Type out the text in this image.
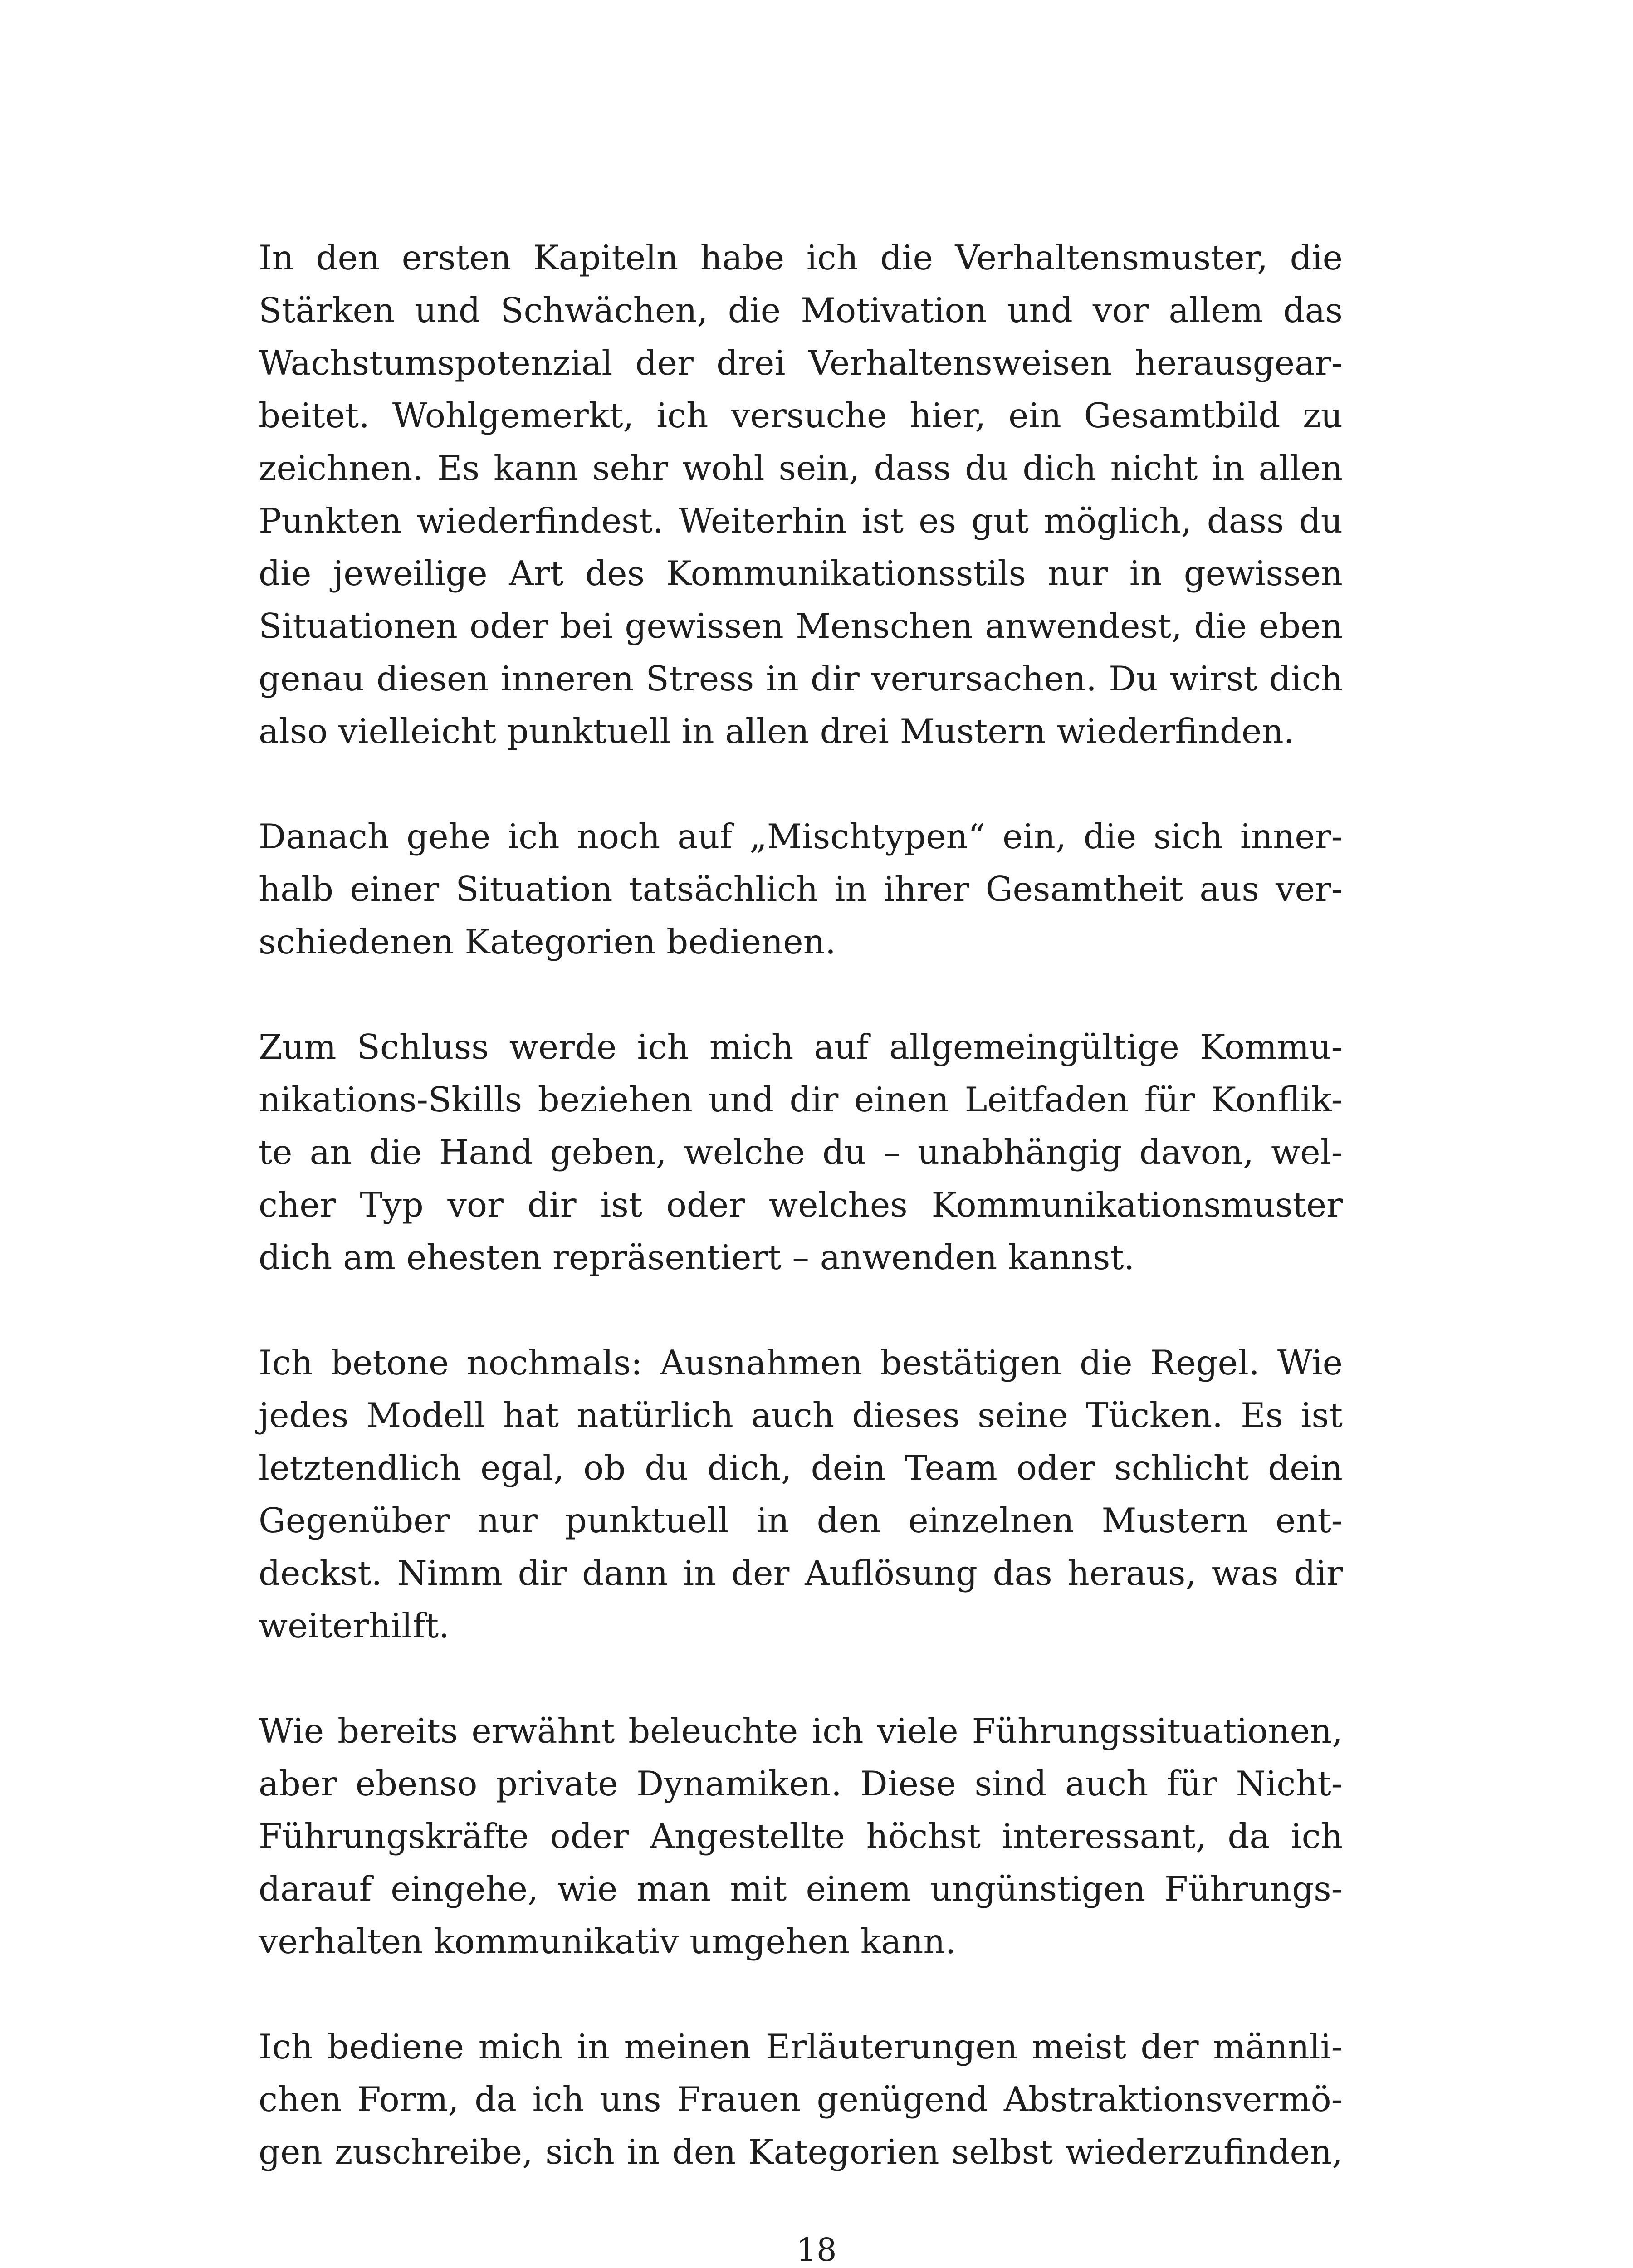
In den ersten Kapiteln habe ich die Verhaltensmuster, die
Stärken und Schwächen, die Motivation und vor allem das
Wachstumspotenzial der drei Verhaltensweisen herausgear-
beitet. Wohlgemerkt, ich versuche hier, ein Gesamtbild zu
zeichnen. Es kann sehr wohl sein, dass du dich nicht in allen
Punkten wiederfindest. Weiterhin ist es gut möglich, dass du
die jeweilige Art des Kommunikationsstils nur in gewissen
Situationen oder bei gewissen Menschen anwendest, die eben
genau diesen inneren Stress in dir verursachen. Du wirst dich
also vielleicht punktuell in allen drei Mustern wiederfinden.
Danach gehe ich noch auf „Mischtypen“ ein, die sich inner-
halb einer Situation tatsächlich in ihrer Gesamtheit aus ver-
schiedenen Kategorien bedienen.
Zum Schluss werde ich mich auf allgemeingültige Kommu-
nikations-Skills beziehen und dir einen Leitfaden für Konflik-
te an die Hand geben, welche du – unabhängig davon, wel-
cher Typ vor dir ist oder welches Kommunikationsmuster
dich am ehesten repräsentiert – anwenden kannst.
Ich betone nochmals: Ausnahmen bestätigen die Regel. Wie
jedes Modell hat natürlich auch dieses seine Tücken. Es ist
letztendlich egal, ob du dich, dein Team oder schlicht dein
Gegenüber nur punktuell in den einzelnen Mustern ent-
deckst. Nimm dir dann in der Auflösung das heraus, was dir
weiterhilft.
Wie bereits erwähnt beleuchte ich viele Führungssituationen,
aber ebenso private Dynamiken. Diese sind auch für Nicht-
Führungskräfte oder Angestellte höchst interessant, da ich
darauf eingehe, wie man mit einem ungünstigen Führungs-
verhalten kommunikativ umgehen kann.
Ich bediene mich in meinen Erläuterungen meist der männli-
chen Form, da ich uns Frauen genügend Abstraktionsvermö-
gen zuschreibe, sich in den Kategorien selbst wiederzufinden,
18
